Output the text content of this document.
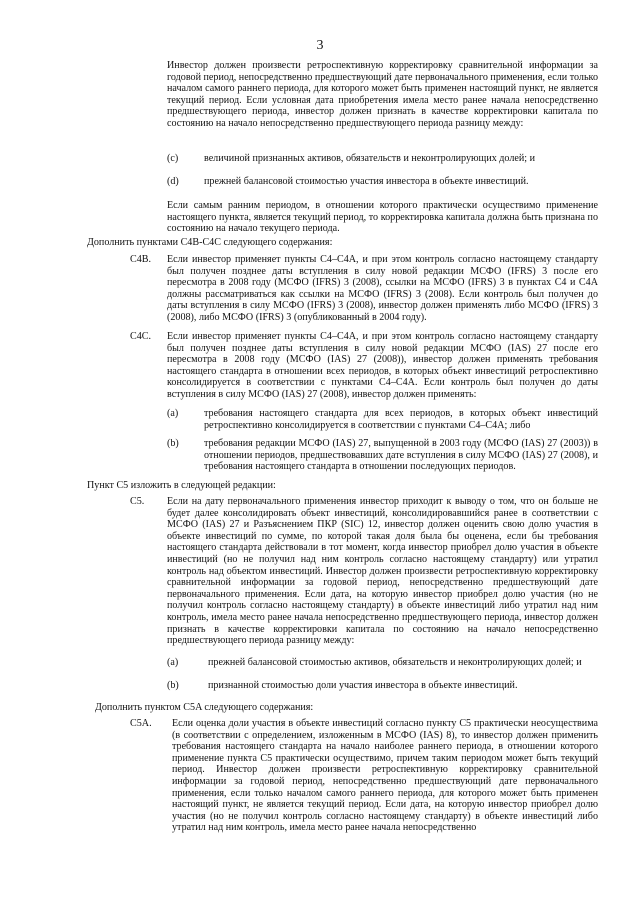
3

Инвестор должен произвести ретроспективную корректировку сравнительной информации за годовой период, непосредственно предшествующий дате первоначального применения, если только началом самого раннего периода, для которого может быть применен настоящий пункт, не является текущий период. Если условная дата приобретения имела место ранее начала непосредственно предшествующего периода, инвестор должен признать в качестве корректировки капитала по состоянию на начало непосредственно предшествующего периода разницу между:

(c)	величиной признанных активов, обязательств и неконтролирующих долей; и
(d) прежней балансовой стоимостью участия инвестора в объекте инвестиций.

Если самым ранним периодом, в отношении которого практически осуществимо применение настоящего пункта, является текущий период, то корректировка капитала должна быть признана по состоянию на начало текущего периода.

Дополнить пунктами С4B-С4С следующего содержания:

С4B. Если инвестор применяет пункты С4–С4A, и при этом контроль согласно настоящему стандарту был получен позднее даты вступления в силу новой редакции МСФО (IFRS) 3 после его пересмотра в 2008 году (МСФО (IFRS) 3 (2008), ссылки на МСФО (IFRS) 3 в пунктах С4 и С4A должны рассматриваться как ссылки на МСФО (IFRS) 3 (2008). Если контроль был получен до даты вступления в силу МСФО (IFRS) 3 (2008), инвестор должен применять либо МСФО (IFRS) 3 (2008), либо МСФО (IFRS) 3 (опубликованный в 2004 году).

С4С. Если инвестор применяет пункты С4–С4A, и при этом контроль согласно настоящему стандарту был получен позднее даты вступления в силу новой редакции МСФО (IAS) 27 после его пересмотра в 2008 году (МСФО (IAS) 27 (2008)), инвестор должен применять требования настоящего стандарта в отношении всех периодов, в которых объект инвестиций ретроспективно консолидируется в соответствии с пунктами С4–С4A. Если контроль был получен до даты вступления в силу МСФО (IAS) 27 (2008), инвестор должен применять:

(a)	требования настоящего стандарта для всех периодов, в которых объект инвестиций ретроспективно консолидируется в соответствии с пунктами С4–С4A; либо

(b) требования редакции МСФО (IAS) 27, выпущенной в 2003 году (МСФО (IAS) 27 (2003)) в отношении периодов, предшествовавших дате вступления в силу МСФО (IAS) 27 (2008), и требования настоящего стандарта в отношении последующих периодов.

Пункт С5 изложить в следующей редакции:

С5. Если на дату первоначального применения инвестор приходит к выводу о том, что он больше не будет далее консолидировать объект инвестиций, консолидировавшийся ранее в соответствии с МСФО (IAS) 27 и Разъяснением ПКР (SIC) 12, инвестор должен оценить свою долю участия в объекте инвестиций по сумме, по которой такая доля была бы оценена, если бы требования настоящего стандарта действовали в тот момент, когда инвестор приобрел долю участия в объекте инвестиций (но не получил над ним контроль согласно настоящему стандарту) или утратил контроль над объектом инвестиций. Инвестор должен произвести ретроспективную корректировку сравнительной информации за годовой период, непосредственно предшествующий дате первоначального применения. Если дата, на которую инвестор приобрел долю участия (но не получил контроль согласно настоящему стандарту) в объекте инвестиций либо утратил над ним контроль, имела место ранее начала непосредственно предшествующего периода, инвестор должен признать в качестве корректировки капитала по состоянию на начало непосредственно предшествующего периода разницу между:

(a)	прежней балансовой стоимостью активов, обязательств и неконтролирующих долей; и
(b)	признанной стоимостью доли участия инвестора в объекте инвестиций.

Дополнить пунктом С5A следующего содержания:

С5A. Если оценка доли участия в объекте инвестиций согласно пункту С5 практически неосуществима (в соответствии с определением, изложенным в МСФО (IAS) 8), то инвестор должен применить требования настоящего стандарта на начало наиболее раннего периода, в отношении которого применение пункта С5 практически осуществимо, причем таким периодом может быть текущий период. Инвестор должен произвести ретроспективную корректировку сравнительной информации за годовой период, непосредственно предшествующий дате первоначального применения, если только началом самого раннего периода, для которого может быть применен настоящий пункт, не является текущий период. Если дата, на которую инвестор приобрел долю участия (но не получил контроль согласно настоящему стандарту) в объекте инвестиций либо утратил над ним контроль, имела место ранее начала непосредственно
